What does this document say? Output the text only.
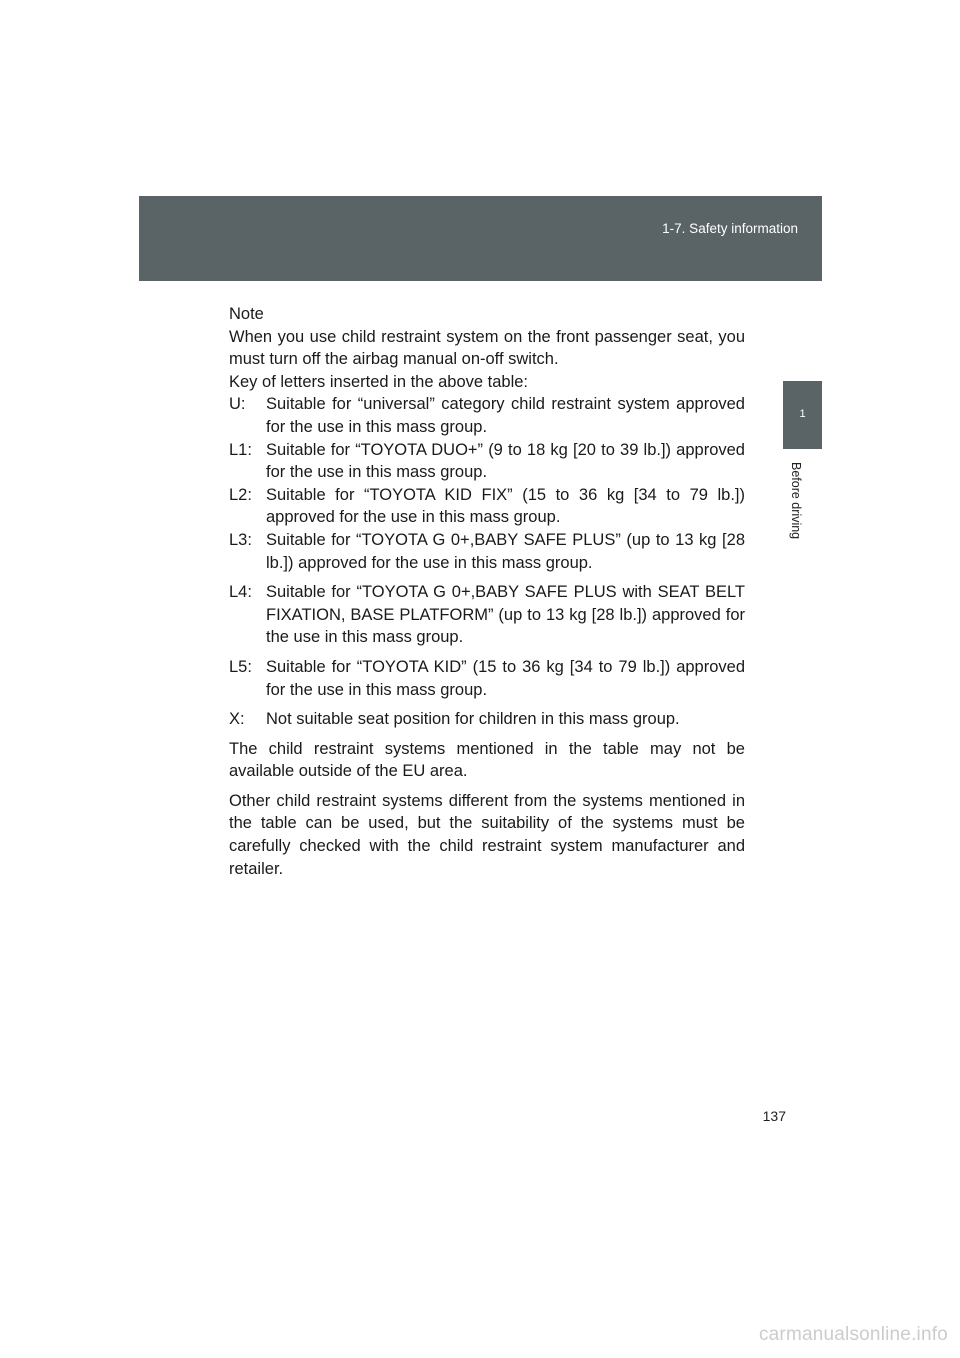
1-7. Safety information
1
Before driving

Note

When you use child restraint system on the front passenger seat, you must turn off the airbag manual on-off switch.

Key of letters inserted in the above table:

U:	Suitable for “universal” category child restraint system approved for the use in this mass group.
L1: Suitable for “TOYOTA DUO+” (9 to 18 kg [20 to 39 lb.]) approved for the use in this mass group.
L2: Suitable for “TOYOTA KID FIX” (15 to 36 kg [34 to 79 lb.]) approved for the use in this mass group.
L3: Suitable for “TOYOTA G 0+,BABY SAFE PLUS” (up to 13 kg [28 lb.]) approved for the use in this mass group.
L4: Suitable for “TOYOTA G 0+,BABY SAFE PLUS with SEAT BELT FIXATION, BASE PLATFORM” (up to 13 kg [28 lb.]) approved for the use in this mass group.
L5: Suitable for “TOYOTA KID” (15 to 36 kg [34 to 79 lb.]) approved for the use in this mass group.
X:	Not suitable seat position for children in this mass group.

The child restraint systems mentioned in the table may not be available outside of the EU area.

Other child restraint systems different from the systems mentioned in the table can be used, but the suitability of the systems must be carefully checked with the child restraint system manufacturer and retailer.

137
carmanualsonline.info
